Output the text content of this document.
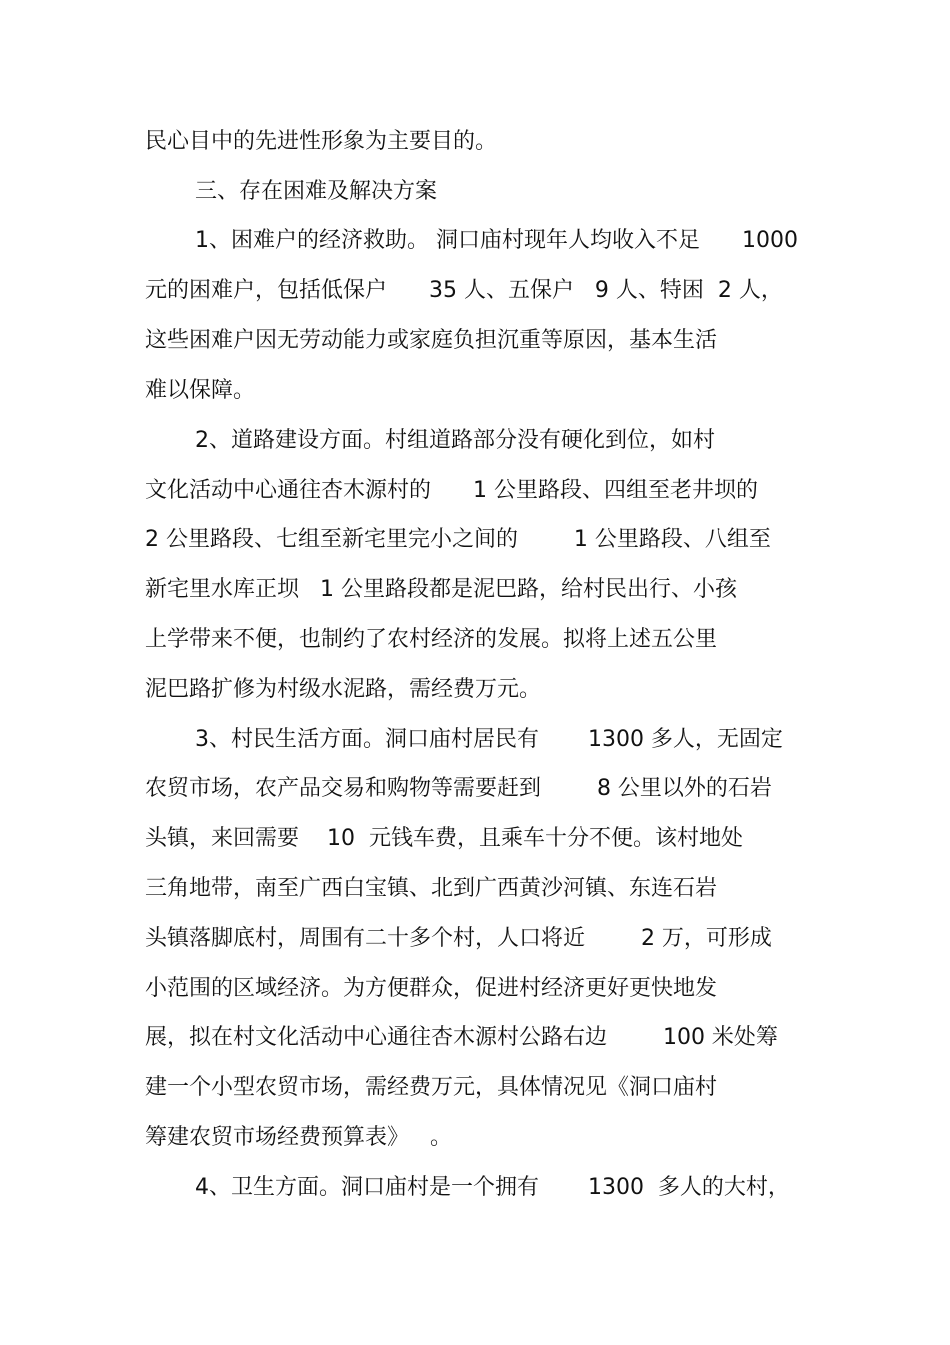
民心目中的先进性形象为主要目的。
三、存在困难及解决方案
1、困难户的经济救助。 洞口庙村现年人均收入不足      1000
元的困难户，包括低保户      35 人、五保户   9 人、特困  2 人，
这些困难户因无劳动能力或家庭负担沉重等原因，基本生活
难以保障。
2、道路建设方面。村组道路部分没有硬化到位，如村
文化活动中心通往杏木源村的      1 公里路段、四组至老井坝的
2 公里路段、七组至新宅里完小之间的        1 公里路段、八组至
新宅里水库正坝   1 公里路段都是泥巴路，给村民出行、小孩
上学带来不便，也制约了农村经济的发展。拟将上述五公里
泥巴路扩修为村级水泥路，需经费万元。
3、村民生活方面。洞口庙村居民有       1300 多人，无固定
农贸市场，农产品交易和购物等需要赶到        8 公里以外的石岩
头镇，来回需要    10  元钱车费，且乘车十分不便。该村地处
三角地带，南至广西白宝镇、北到广西黄沙河镇、东连石岩
头镇落脚底村，周围有二十多个村，人口将近        2 万，可形成
小范围的区域经济。为方便群众，促进村经济更好更快地发
展，拟在村文化活动中心通往杏木源村公路右边        100 米处筹
建一个小型农贸市场，需经费万元，具体情况见《洞口庙村
筹建农贸市场经费预算表》   。
4、卫生方面。洞口庙村是一个拥有       1300  多人的大村，
